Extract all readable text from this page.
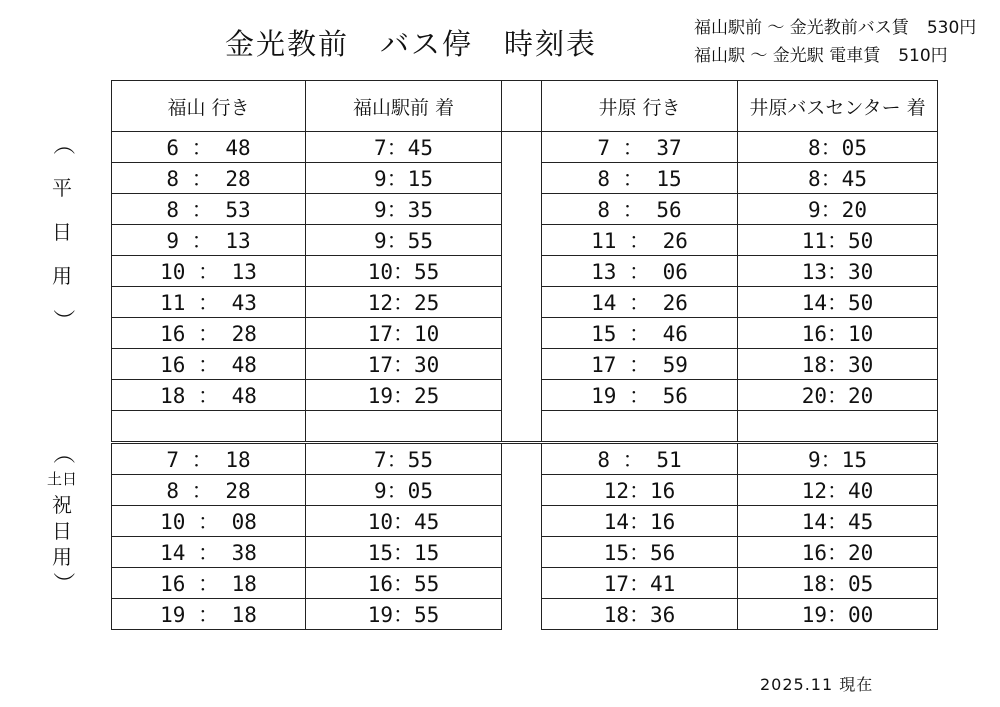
金光教前　バス停　時刻表	福山駅前 〜 金光教前バス賃 530円
福山駅 〜 金光駅 電車賃 510円
（
平
日
用
）
（
土日
祝
日
用
）
福山 行き	福山駅前 着		井原 行き	井原バスセンター 着
6 ： 48	7：45		7 ： 37	8：05
8 ： 28	9：15		8 ： 15	8：45
8 ： 53	9：35		8 ： 56	9：20
9 ： 13	9：55		11 ： 26	11：50
10 ： 13	10：55		13 ： 06	13：30
11 ： 43	12：25		14 ： 26	14：50
16 ： 28	17：10		15 ： 46	16：10
16 ： 48	17：30		17 ： 59	18：30
18 ： 48	19：25		19 ： 56	20：20

7 ： 18	7：55		8 ： 51	9：15
8 ： 28	9：05		12：16	12：40
10 ： 08	10：45		14：16	14：45
14 ： 38	15：15		15：56	16：20
16 ： 18	16：55		17：41	18：05
19 ： 18	19：55		18：36	19：00
2025.11 現在
